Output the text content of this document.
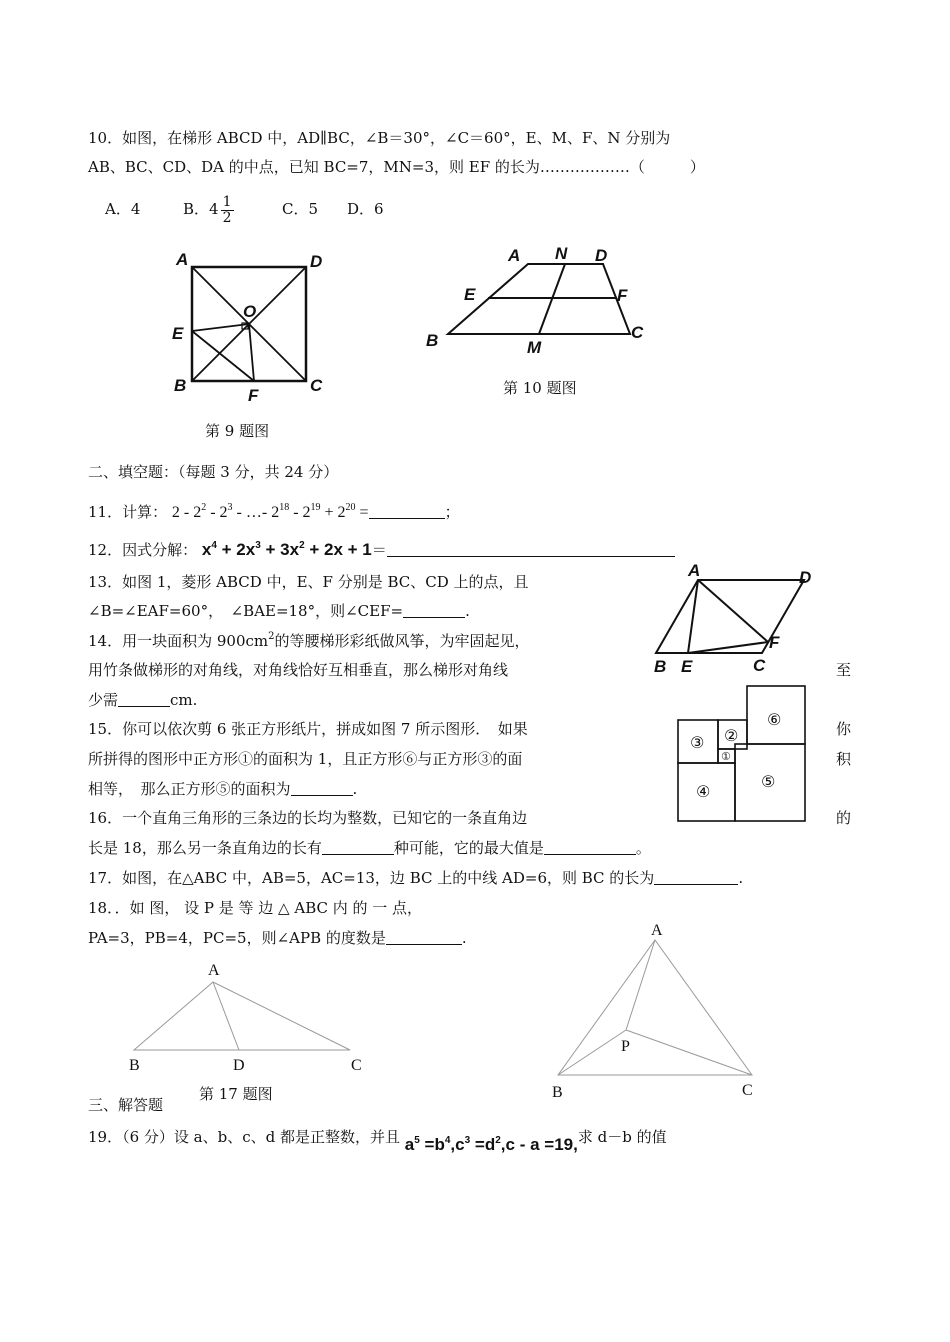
10．如图，在梯形 ABCD 中，AD∥BC，∠B＝30°，∠C＝60°，E、M、F、N 分别为
AB、BC、CD、DA 的中点，已知 BC=7，MN=3，则 EF 的长为………………（　　　）
A．4	B．$4 \frac{1}{2}$	C．5 D．6
A	D
O
E
B
F
C
第 9 题图
A N D
E	F
B	M
C
第 10 题图
二、填空题：（每题 3 分，共 24 分）
11．计算： $2 - 2^2 - 2^3$ - …- $2^{18} - 2^{19} + 2^{20}$ =	；
12．因式分解： $x^4 + 2x^3 + 3x^2 + 2x + 1=$
13．如图 1，菱形 ABCD 中，E、F 分别是 BC、CD 上的点，且
∠B=∠EAF=60°，　∠BAE=18°，则∠CEF=	.
A	D
F
B E	C
14．用一块面积为 $900cm^2$的等腰梯形彩纸做风筝，为牢固起见，
用竹条做梯形的对角线，对角线恰好互相垂直，那么梯形对角线	至
少需	cm.
15．你可以依次剪 6 张正方形纸片，拼成如图 7 所示图形．　如果	你
所拼得的图形中正方形①的面积为 1，且正方形⑥与正方形③的面	积
相等，　那么正方形⑤的面积为	.
⑥
②
③
①
④
⑤
16．一个直角三角形的三条边的长均为整数，已知它的一条直角边	的
长是 18，那么另一条直角边的长有	种可能，它的最大值是	。
17．如图，在△ABC 中，AB=5，AC=13，边 BC 上的中线 AD=6，则 BC 的长为	.
18．．如 图， 设 P 是 等 边 △ ABC 内 的 一 点，
PA=3，PB=4，PC=5，则∠APB 的度数是	.
A
B	D	C
第 17 题图
A
P
B	C
三、解答题
19．（6 分）设 a、b、c、d 都是正整数，并且 $a^5 =b^4,c^3 =d^2,c - a =19$,求 d－b 的值
